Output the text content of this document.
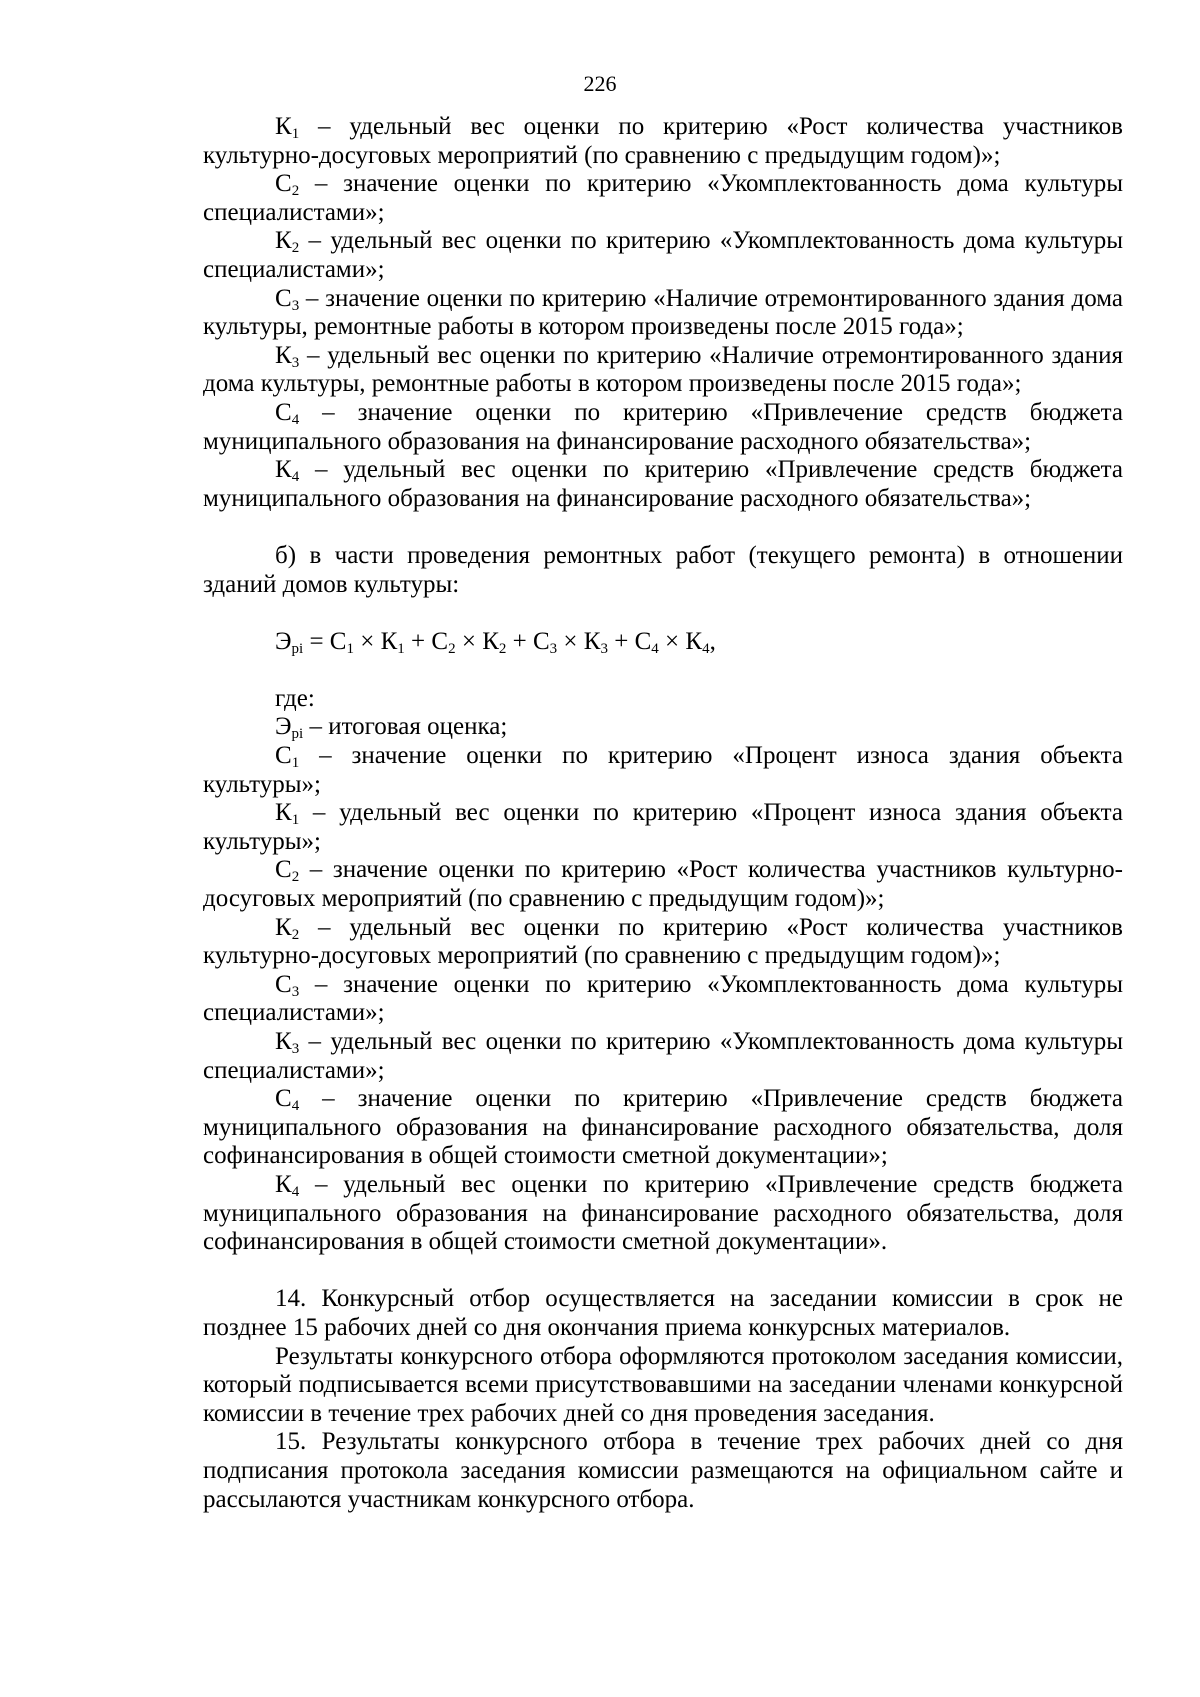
226

$К_1$ – удельный вес оценки по критерию «Рост количества участников культурно-досуговых мероприятий (по сравнению с предыдущим годом)»;

$С_2$ – значение оценки по критерию «Укомплектованность дома культуры специалистами»;

$К_2$ – удельный вес оценки по критерию «Укомплектованность дома культуры специалистами»;

$С_3$ – значение оценки по критерию «Наличие отремонтированного здания дома культуры, ремонтные работы в котором произведены после 2015 года»;

$К_3$ – удельный вес оценки по критерию «Наличие отремонтированного здания дома культуры, ремонтные работы в котором произведены после 2015 года»;

$С_4$ – значение оценки по критерию «Привлечение средств бюджета муниципального образования на финансирование расходного обязательства»;

$К_4$ – удельный вес оценки по критерию «Привлечение средств бюджета муниципального образования на финансирование расходного обязательства»;

б) в части проведения ремонтных работ (текущего ремонта) в отношении зданий домов культуры:

$Э_{рi} = С_1 \times К_1 + С_2 \times К_2 + С_3 \times К_3 + С_4 \times К_4$,

где:

$Э_{рi}$ – итоговая оценка;

$С_1$ – значение оценки по критерию «Процент износа здания объекта культуры»;

$К_1$ – удельный вес оценки по критерию «Процент износа здания объекта культуры»;

$С_2$ – значение оценки по критерию «Рост количества участников культурно-досуговых мероприятий (по сравнению с предыдущим годом)»;

$К_2$ – удельный вес оценки по критерию «Рост количества участников культурно-досуговых мероприятий (по сравнению с предыдущим годом)»;

$С_3$ – значение оценки по критерию «Укомплектованность дома культуры специалистами»;

$К_3$ – удельный вес оценки по критерию «Укомплектованность дома культуры специалистами»;

$С_4$ – значение оценки по критерию «Привлечение средств бюджета муниципального образования на финансирование расходного обязательства, доля софинансирования в общей стоимости сметной документации»;

$К_4$ – удельный вес оценки по критерию «Привлечение средств бюджета муниципального образования на финансирование расходного обязательства, доля софинансирования в общей стоимости сметной документации».

14. Конкурсный отбор осуществляется на заседании комиссии в срок не позднее 15 рабочих дней со дня окончания приема конкурсных материалов.

Результаты конкурсного отбора оформляются протоколом заседания комиссии, который подписывается всеми присутствовавшими на заседании членами конкурсной комиссии в течение трех рабочих дней со дня проведения заседания.

15. Результаты конкурсного отбора в течение трех рабочих дней со дня подписания протокола заседания комиссии размещаются на официальном сайте и рассылаются участникам конкурсного отбора.
